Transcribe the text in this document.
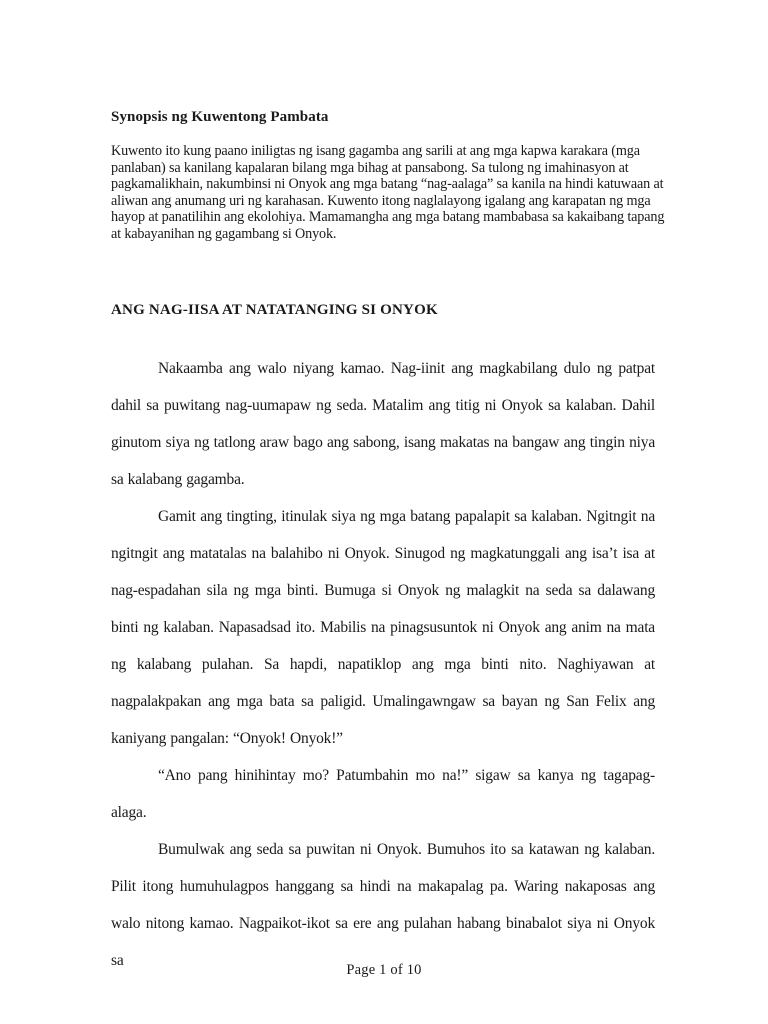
Synopsis ng Kuwentong Pambata
Kuwento ito kung paano iniligtas ng isang gagamba ang sarili at ang mga kapwa karakara (mga panlaban) sa kanilang kapalaran bilang mga bihag at pansabong. Sa tulong ng imahinasyon at pagkamalikhain, nakumbinsi ni Onyok ang mga batang “nag-aalaga” sa kanila na hindi katuwaan at aliwan ang anumang uri ng karahasan. Kuwento itong naglalayong igalang ang karapatan ng mga hayop at panatilihin ang ekolohiya. Mamamangha ang mga batang mambabasa sa kakaibang tapang at kabayanihan ng gagambang si Onyok.
ANG NAG-IISA AT NATATANGING SI ONYOK

Nakaamba ang walo niyang kamao. Nag-iinit ang magkabilang dulo ng patpat dahil sa puwitang nag-uumapaw ng seda. Matalim ang titig ni Onyok sa kalaban. Dahil ginutom siya ng tatlong araw bago ang sabong, isang makatas na bangaw ang tingin niya sa kalabang gagamba.

Gamit ang tingting, itinulak siya ng mga batang papalapit sa kalaban. Ngitngit na ngitngit ang matatalas na balahibo ni Onyok. Sinugod ng magkatunggali ang isa’t isa at nag-espadahan sila ng mga binti. Bumuga si Onyok ng malagkit na seda sa dalawang binti ng kalaban. Napasadsad ito. Mabilis na pinagsusuntok ni Onyok ang anim na mata ng kalabang pulahan. Sa hapdi, napatiklop ang mga binti nito. Naghiyawan at nagpalakpakan ang mga bata sa paligid. Umalingawngaw sa bayan ng San Felix ang kaniyang pangalan: “Onyok! Onyok!”

“Ano pang hinihintay mo? Patumbahin mo na!” sigaw sa kanya ng tagapag-alaga.

Bumulwak ang seda sa puwitan ni Onyok. Bumuhos ito sa katawan ng kalaban. Pilit itong humuhulagpos hanggang sa hindi na makapalag pa. Waring nakaposas ang walo nitong kamao. Nagpaikot-ikot sa ere ang pulahan habang binabalot siya ni Onyok sa

Page 1 of 10
